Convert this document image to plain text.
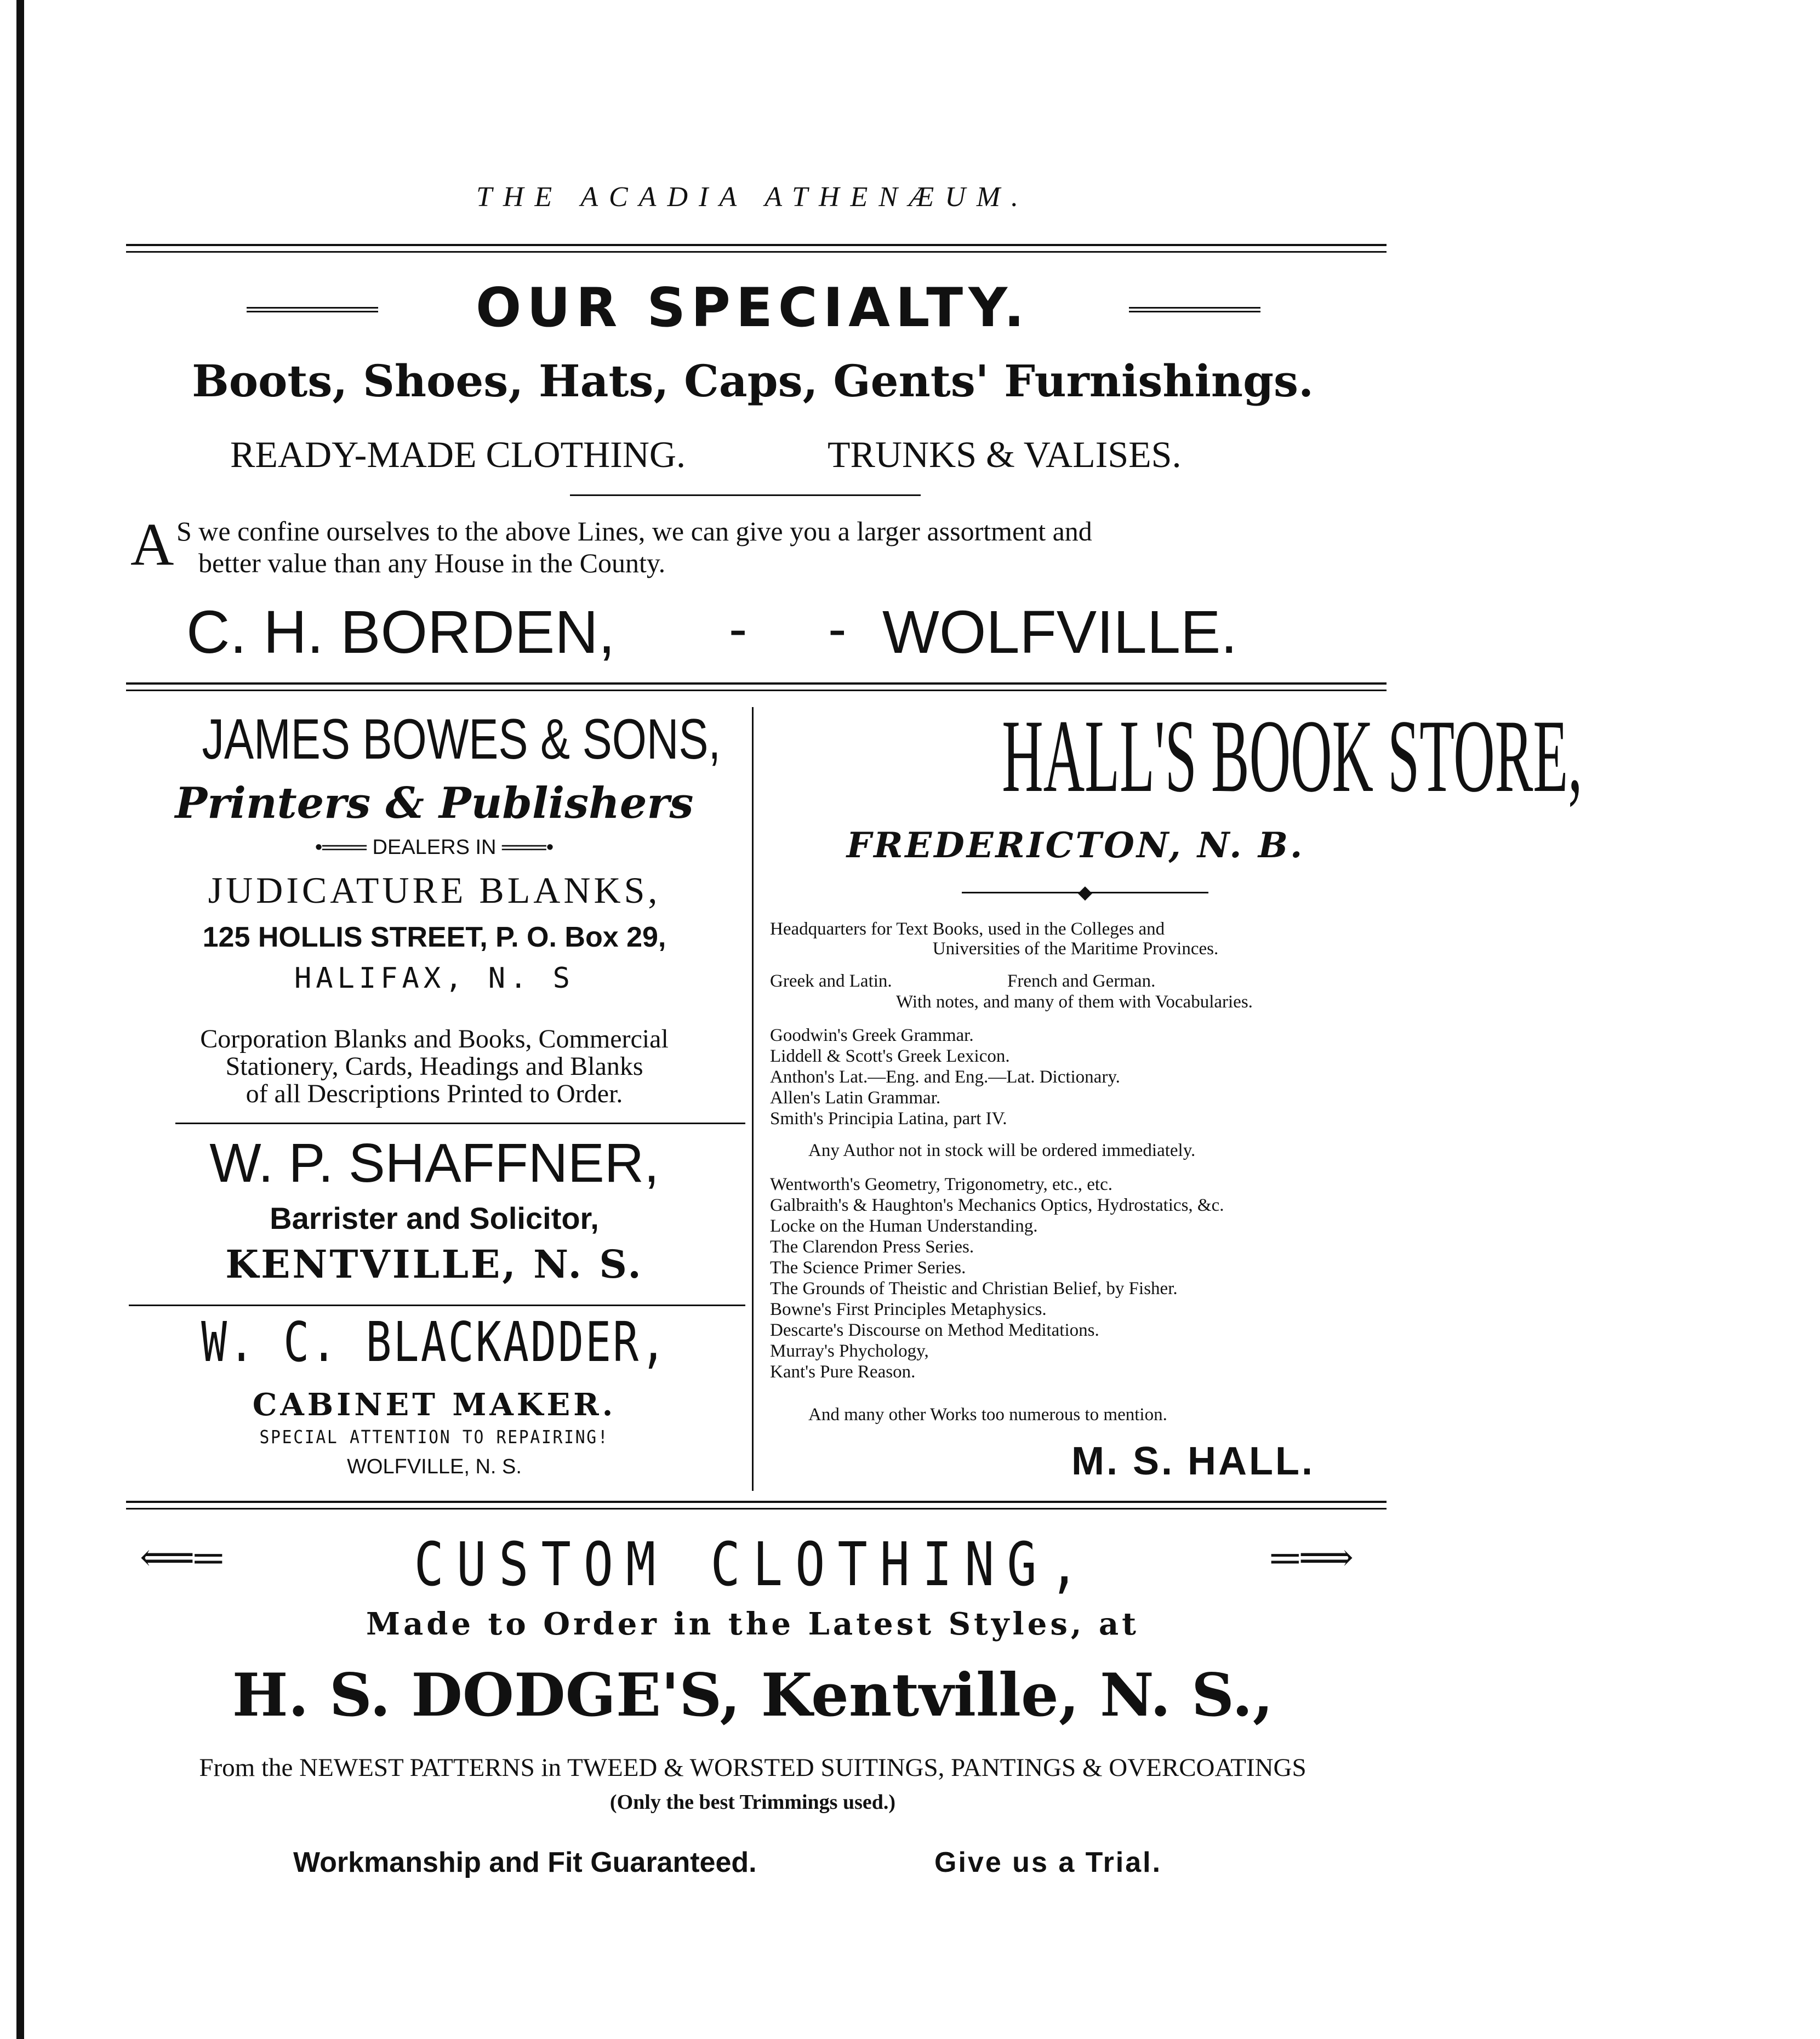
THE ACADIA ATHENÆUM.
OUR SPECIALTY.
Boots, Shoes, Hats, Caps, Gents' Furnishings.
READY-MADE CLOTHING.	TRUNKS & VALISES.
A S we confine ourselves to the above Lines, we can give you a larger assortment and
better value than any House in the County.
C. H. BORDEN, - - WOLFVILLE.
JAMES BOWES & SONS,
Printers & Publishers
•═══ DEALERS IN ═══•
JUDICATURE BLANKS,
125 HOLLIS STREET, P. O. Box 29,
HALIFAX, N. S
Corporation Blanks and Books, Commercial
Stationery, Cards, Headings and Blanks
of all Descriptions Printed to Order.
W. P. SHAFFNER,
Barrister and Solicitor,
KENTVILLE, N. S.
W. C. BLACKADDER,
CABINET MAKER.
SPECIAL ATTENTION TO REPAIRING!
WOLFVILLE, N. S.
HALL'S BOOK STORE,
FREDERICTON, N. B.
◆
Headquarters for Text Books, used in the Colleges and
Universities of the Maritime Provinces.
Greek and Latin.	French and German.
With notes, and many of them with Vocabularies.
Goodwin's Greek Grammar.
Liddell & Scott's Greek Lexicon.
Anthon's Lat.—Eng. and Eng.—Lat. Dictionary.
Allen's Latin Grammar.
Smith's Principia Latina, part IV.
Any Author not in stock will be ordered immediately.
Wentworth's Geometry, Trigonometry, etc., etc.
Galbraith's & Haughton's Mechanics Optics, Hydrostatics, &c.
Locke on the Human Understanding.
The Clarendon Press Series.
The Science Primer Series.
The Grounds of Theistic and Christian Belief, by Fisher.
Bowne's First Principles Metaphysics.
Descarte's Discourse on Method Meditations.
Murray's Phychology,
Kant's Pure Reason.
And many other Works too numerous to mention.
M. S. HALL.
⟸═	═⟹
CUSTOM CLOTHING,
Made to Order in the Latest Styles, at
H. S. DODGE'S, Kentville, N. S.,
From the NEWEST PATTERNS in TWEED & WORSTED SUITINGS, PANTINGS & OVERCOATINGS
(Only the best Trimmings used.)
Workmanship and Fit Guaranteed.	Give us a Trial.
